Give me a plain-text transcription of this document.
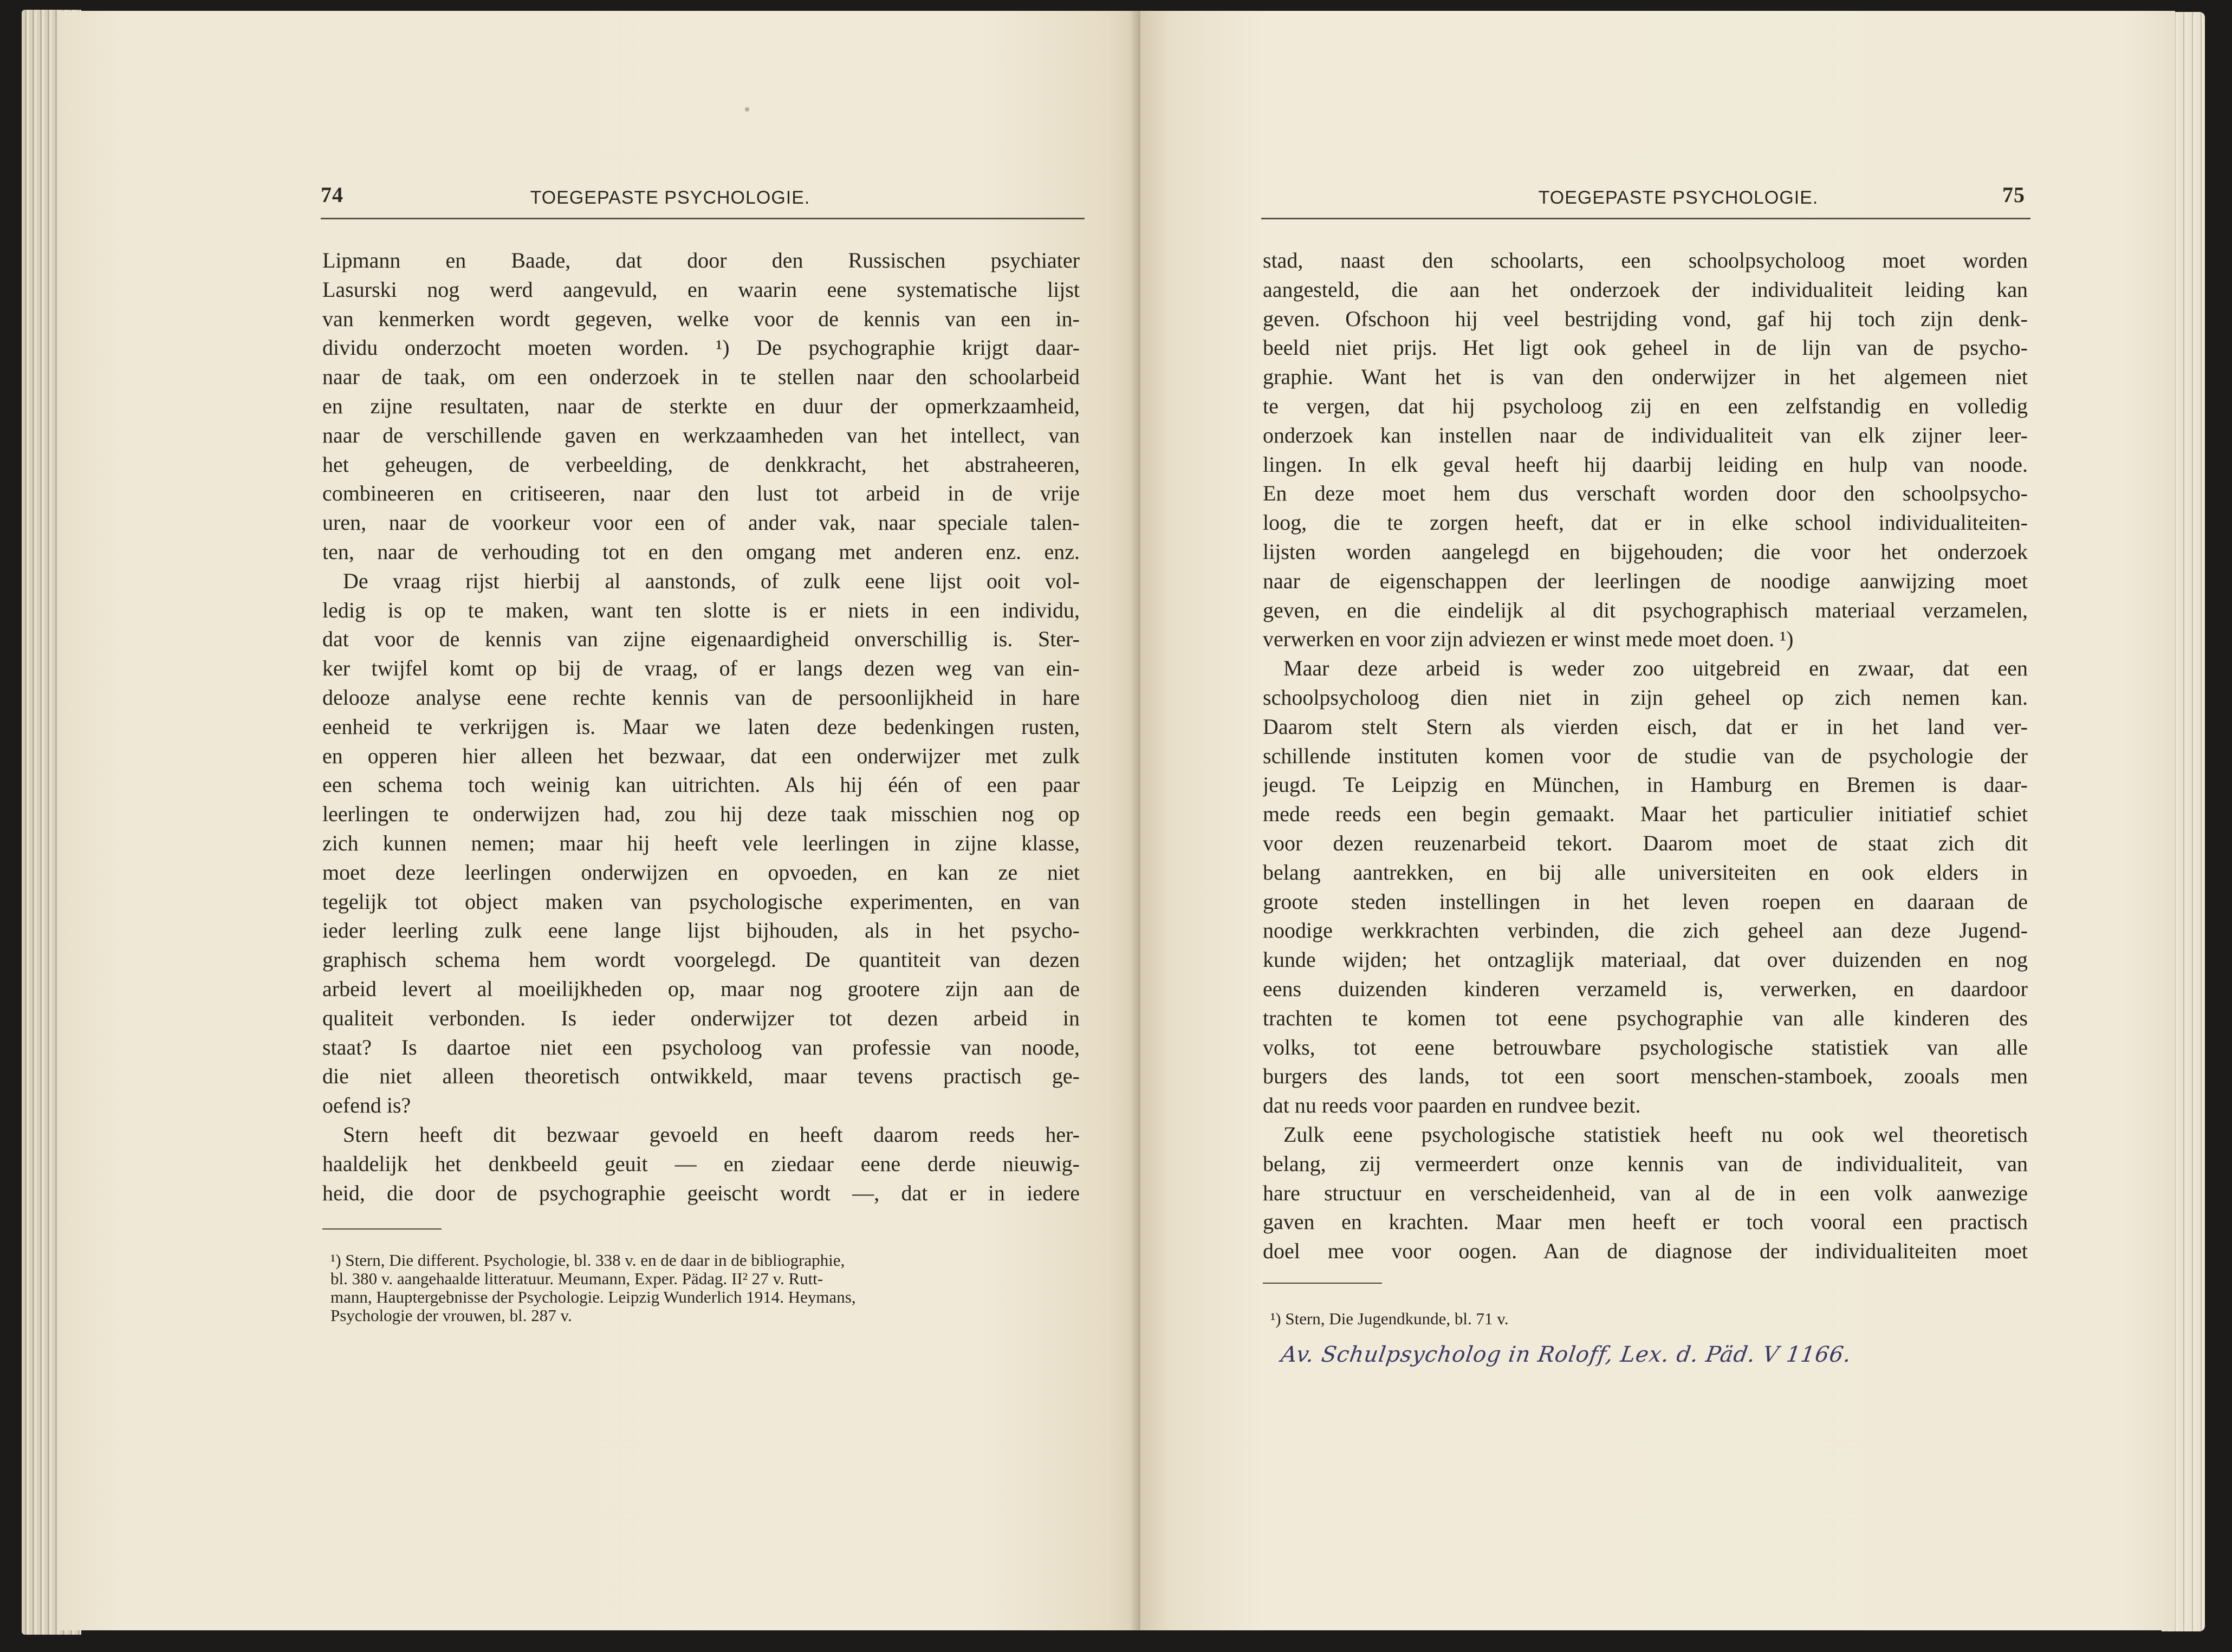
74	TOEGEPASTE PSYCHOLOGIE.
Lipmann en Baade, dat door den Russischen psychiater
Lasurski nog werd aangevuld, en waarin eene systematische lijst
van kenmerken wordt gegeven, welke voor de kennis van een in-
dividu onderzocht moeten worden. ¹) De psychographie krijgt daar-
naar de taak, om een onderzoek in te stellen naar den schoolarbeid
en zijne resultaten, naar de sterkte en duur der opmerkzaamheid,
naar de verschillende gaven en werkzaamheden van het intellect, van
het geheugen, de verbeelding, de denkkracht, het abstraheeren,
combineeren en critiseeren, naar den lust tot arbeid in de vrije
uren, naar de voorkeur voor een of ander vak, naar speciale talen-
ten, naar de verhouding tot en den omgang met anderen enz. enz.
De vraag rijst hierbij al aanstonds, of zulk eene lijst ooit vol-
ledig is op te maken, want ten slotte is er niets in een individu,
dat voor de kennis van zijne eigenaardigheid onverschillig is. Ster-
ker twijfel komt op bij de vraag, of er langs dezen weg van ein-
delooze analyse eene rechte kennis van de persoonlijkheid in hare
eenheid te verkrijgen is. Maar we laten deze bedenkingen rusten,
en opperen hier alleen het bezwaar, dat een onderwijzer met zulk
een schema toch weinig kan uitrichten. Als hij één of een paar
leerlingen te onderwijzen had, zou hij deze taak misschien nog op
zich kunnen nemen; maar hij heeft vele leerlingen in zijne klasse,
moet deze leerlingen onderwijzen en opvoeden, en kan ze niet
tegelijk tot object maken van psychologische experimenten, en van
ieder leerling zulk eene lange lijst bijhouden, als in het psycho-
graphisch schema hem wordt voorgelegd. De quantiteit van dezen
arbeid levert al moeilijkheden op, maar nog grootere zijn aan de
qualiteit verbonden. Is ieder onderwijzer tot dezen arbeid in
staat? Is daartoe niet een psycholoog van professie van noode,
die niet alleen theoretisch ontwikkeld, maar tevens practisch ge-
oefend is?
Stern heeft dit bezwaar gevoeld en heeft daarom reeds her-
haaldelijk het denkbeeld geuit — en ziedaar eene derde nieuwig-
heid, die door de psychographie geeischt wordt —, dat er in iedere
¹) Stern, Die different. Psychologie, bl. 338 v. en de daar in de bibliographie,
bl. 380 v. aangehaalde litteratuur. Meumann, Exper. Pädag. II² 27 v. Rutt-
mann, Hauptergebnisse der Psychologie. Leipzig Wunderlich 1914. Heymans,
Psychologie der vrouwen, bl. 287 v.
TOEGEPASTE PSYCHOLOGIE.	75
stad, naast den schoolarts, een schoolpsycholoog moet worden
aangesteld, die aan het onderzoek der individualiteit leiding kan
geven. Ofschoon hij veel bestrijding vond, gaf hij toch zijn denk-
beeld niet prijs. Het ligt ook geheel in de lijn van de psycho-
graphie. Want het is van den onderwijzer in het algemeen niet
te vergen, dat hij psycholoog zij en een zelfstandig en volledig
onderzoek kan instellen naar de individualiteit van elk zijner leer-
lingen. In elk geval heeft hij daarbij leiding en hulp van noode.
En deze moet hem dus verschaft worden door den schoolpsycho-
loog, die te zorgen heeft, dat er in elke school individualiteiten-
lijsten worden aangelegd en bijgehouden; die voor het onderzoek
naar de eigenschappen der leerlingen de noodige aanwijzing moet
geven, en die eindelijk al dit psychographisch materiaal verzamelen,
verwerken en voor zijn adviezen er winst mede moet doen. ¹)
Maar deze arbeid is weder zoo uitgebreid en zwaar, dat een
schoolpsycholoog dien niet in zijn geheel op zich nemen kan.
Daarom stelt Stern als vierden eisch, dat er in het land ver-
schillende instituten komen voor de studie van de psychologie der
jeugd. Te Leipzig en München, in Hamburg en Bremen is daar-
mede reeds een begin gemaakt. Maar het particulier initiatief schiet
voor dezen reuzenarbeid tekort. Daarom moet de staat zich dit
belang aantrekken, en bij alle universiteiten en ook elders in
groote steden instellingen in het leven roepen en daaraan de
noodige werkkrachten verbinden, die zich geheel aan deze Jugend-
kunde wijden; het ontzaglijk materiaal, dat over duizenden en nog
eens duizenden kinderen verzameld is, verwerken, en daardoor
trachten te komen tot eene psychographie van alle kinderen des
volks, tot eene betrouwbare psychologische statistiek van alle
burgers des lands, tot een soort menschen-stamboek, zooals men
dat nu reeds voor paarden en rundvee bezit.
Zulk eene psychologische statistiek heeft nu ook wel theoretisch
belang, zij vermeerdert onze kennis van de individualiteit, van
hare structuur en verscheidenheid, van al de in een volk aanwezige
gaven en krachten. Maar men heeft er toch vooral een practisch
doel mee voor oogen. Aan de diagnose der individualiteiten moet
¹) Stern, Die Jugendkunde, bl. 71 v.
Av. Schulpsycholog in Roloff, Lex. d. Päd. V 1166.
